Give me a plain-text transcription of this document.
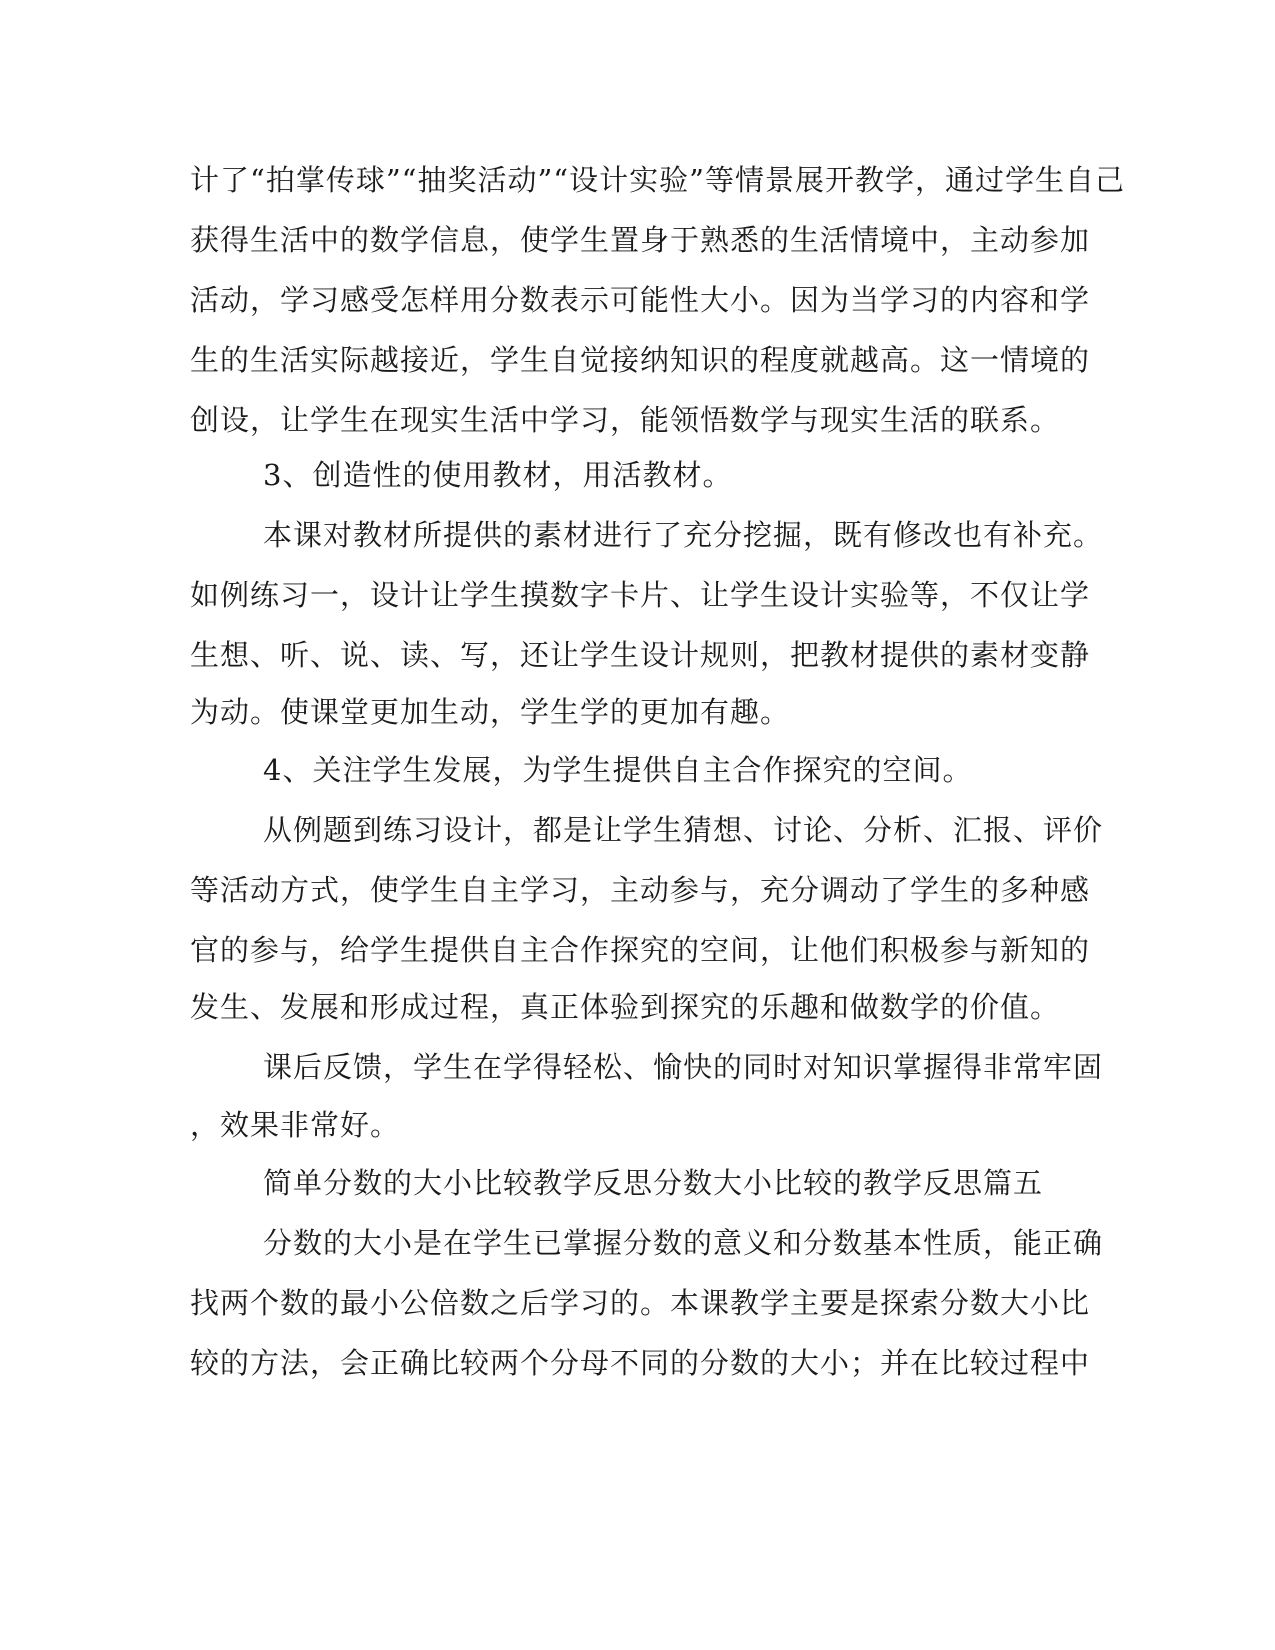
计了“拍掌传球”“抽奖活动”“设计实验”等情景展开教学，通过学生自己
获得生活中的数学信息，使学生置身于熟悉的生活情境中，主动参加
活动，学习感受怎样用分数表示可能性大小。因为当学习的内容和学
生的生活实际越接近，学生自觉接纳知识的程度就越高。这一情境的
创设，让学生在现实生活中学习，能领悟数学与现实生活的联系。
3、创造性的使用教材，用活教材。
本课对教材所提供的素材进行了充分挖掘，既有修改也有补充。
如例练习一，设计让学生摸数字卡片、让学生设计实验等，不仅让学
生想、听、说、读、写，还让学生设计规则，把教材提供的素材变静
为动。使课堂更加生动，学生学的更加有趣。
4、关注学生发展，为学生提供自主合作探究的空间。
从例题到练习设计，都是让学生猜想、讨论、分析、汇报、评价
等活动方式，使学生自主学习，主动参与，充分调动了学生的多种感
官的参与，给学生提供自主合作探究的空间，让他们积极参与新知的
发生、发展和形成过程，真正体验到探究的乐趣和做数学的价值。
课后反馈，学生在学得轻松、愉快的同时对知识掌握得非常牢固
，效果非常好。
简单分数的大小比较教学反思分数大小比较的教学反思篇五
分数的大小是在学生已掌握分数的意义和分数基本性质，能正确
找两个数的最小公倍数之后学习的。本课教学主要是探索分数大小比
较的方法，会正确比较两个分母不同的分数的大小；并在比较过程中
